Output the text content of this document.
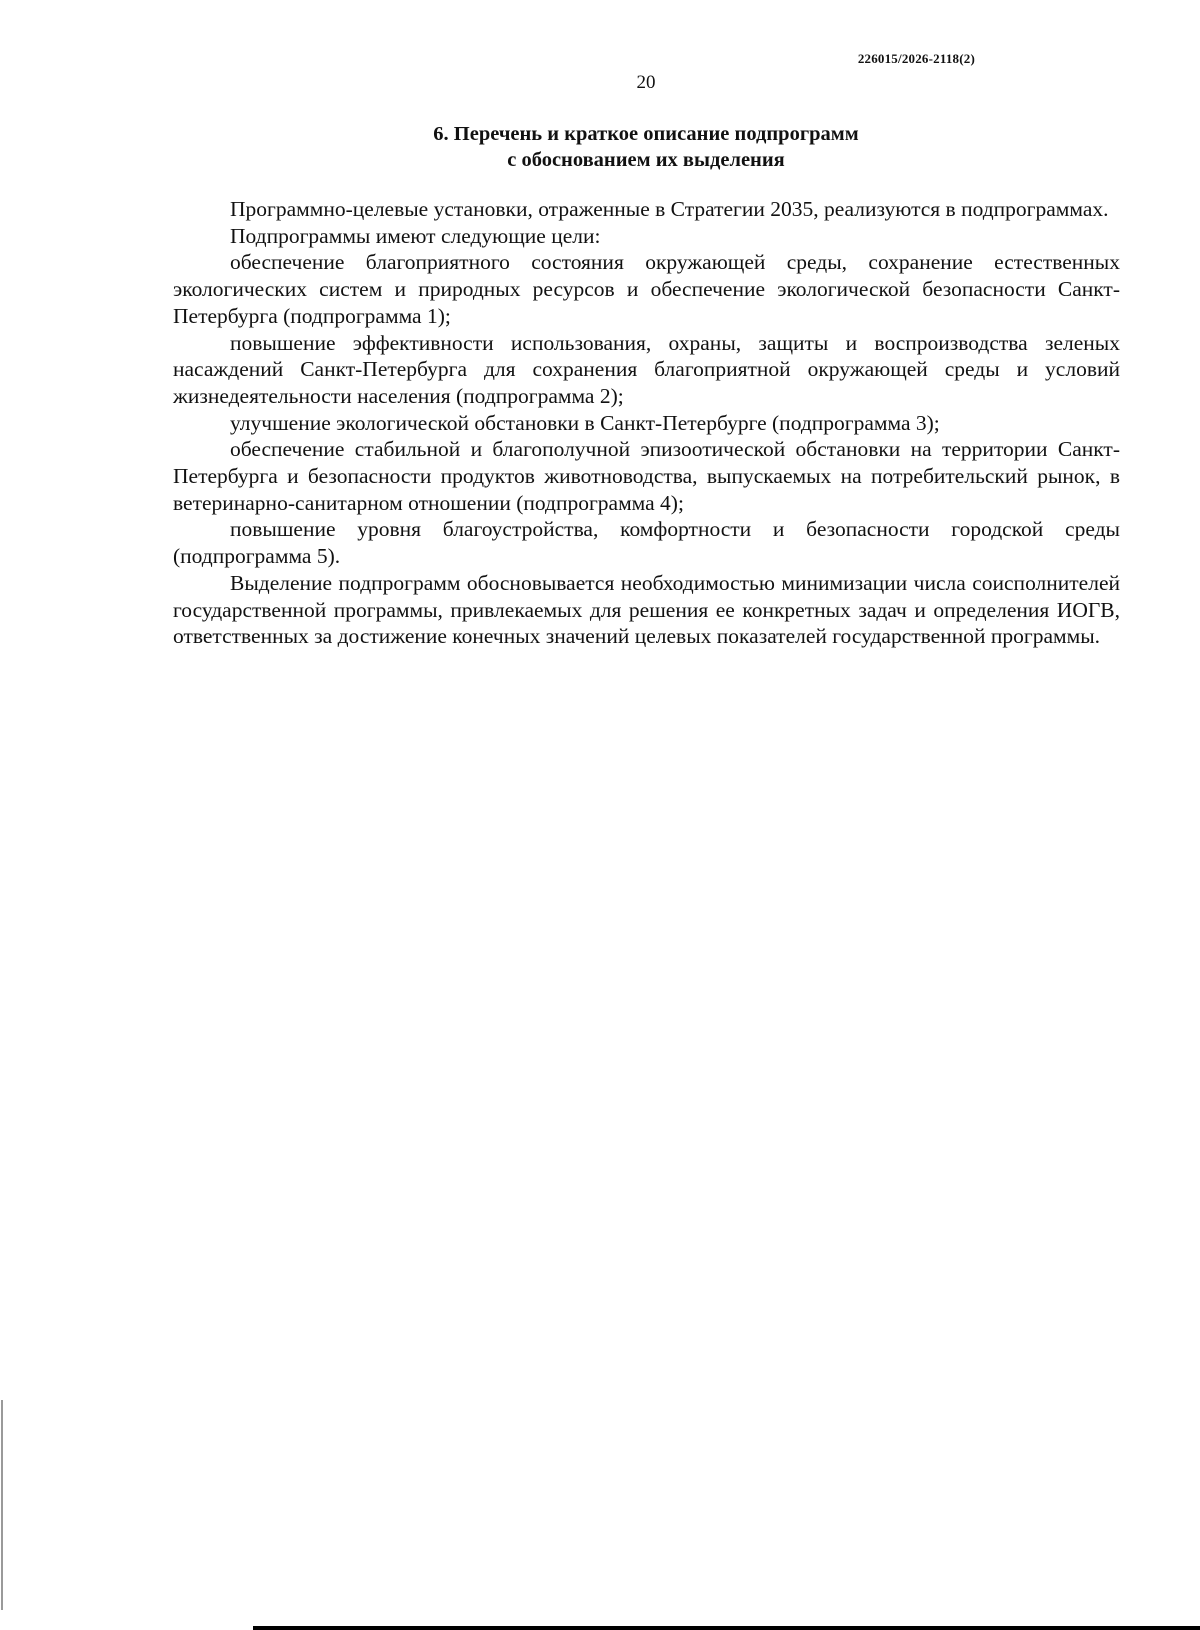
226015/2026-2118(2)
20
6. Перечень и краткое описание подпрограмм
с обоснованием их выделения

Программно-целевые установки, отраженные в Стратегии 2035, реализуются в подпрограммах.

Подпрограммы имеют следующие цели:

обеспечение благоприятного состояния окружающей среды, сохранение естественных экологических систем и природных ресурсов и обеспечение экологической безопасности Санкт-Петербурга (подпрограмма 1);

повышение эффективности использования, охраны, защиты и воспроизводства зеленых насаждений Санкт-Петербурга для сохранения благоприятной окружающей среды и условий жизнедеятельности населения (подпрограмма 2);

улучшение экологической обстановки в Санкт-Петербурге (подпрограмма 3);

обеспечение стабильной и благополучной эпизоотической обстановки на территории Санкт-Петербурга и безопасности продуктов животноводства, выпускаемых на потребительский рынок, в ветеринарно-санитарном отношении (подпрограмма 4);

повышение уровня благоустройства, комфортности и безопасности городской среды (подпрограмма 5).

Выделение подпрограмм обосновывается необходимостью минимизации числа соисполнителей государственной программы, привлекаемых для решения ее конкретных задач и определения ИОГВ, ответственных за достижение конечных значений целевых показателей государственной программы.
